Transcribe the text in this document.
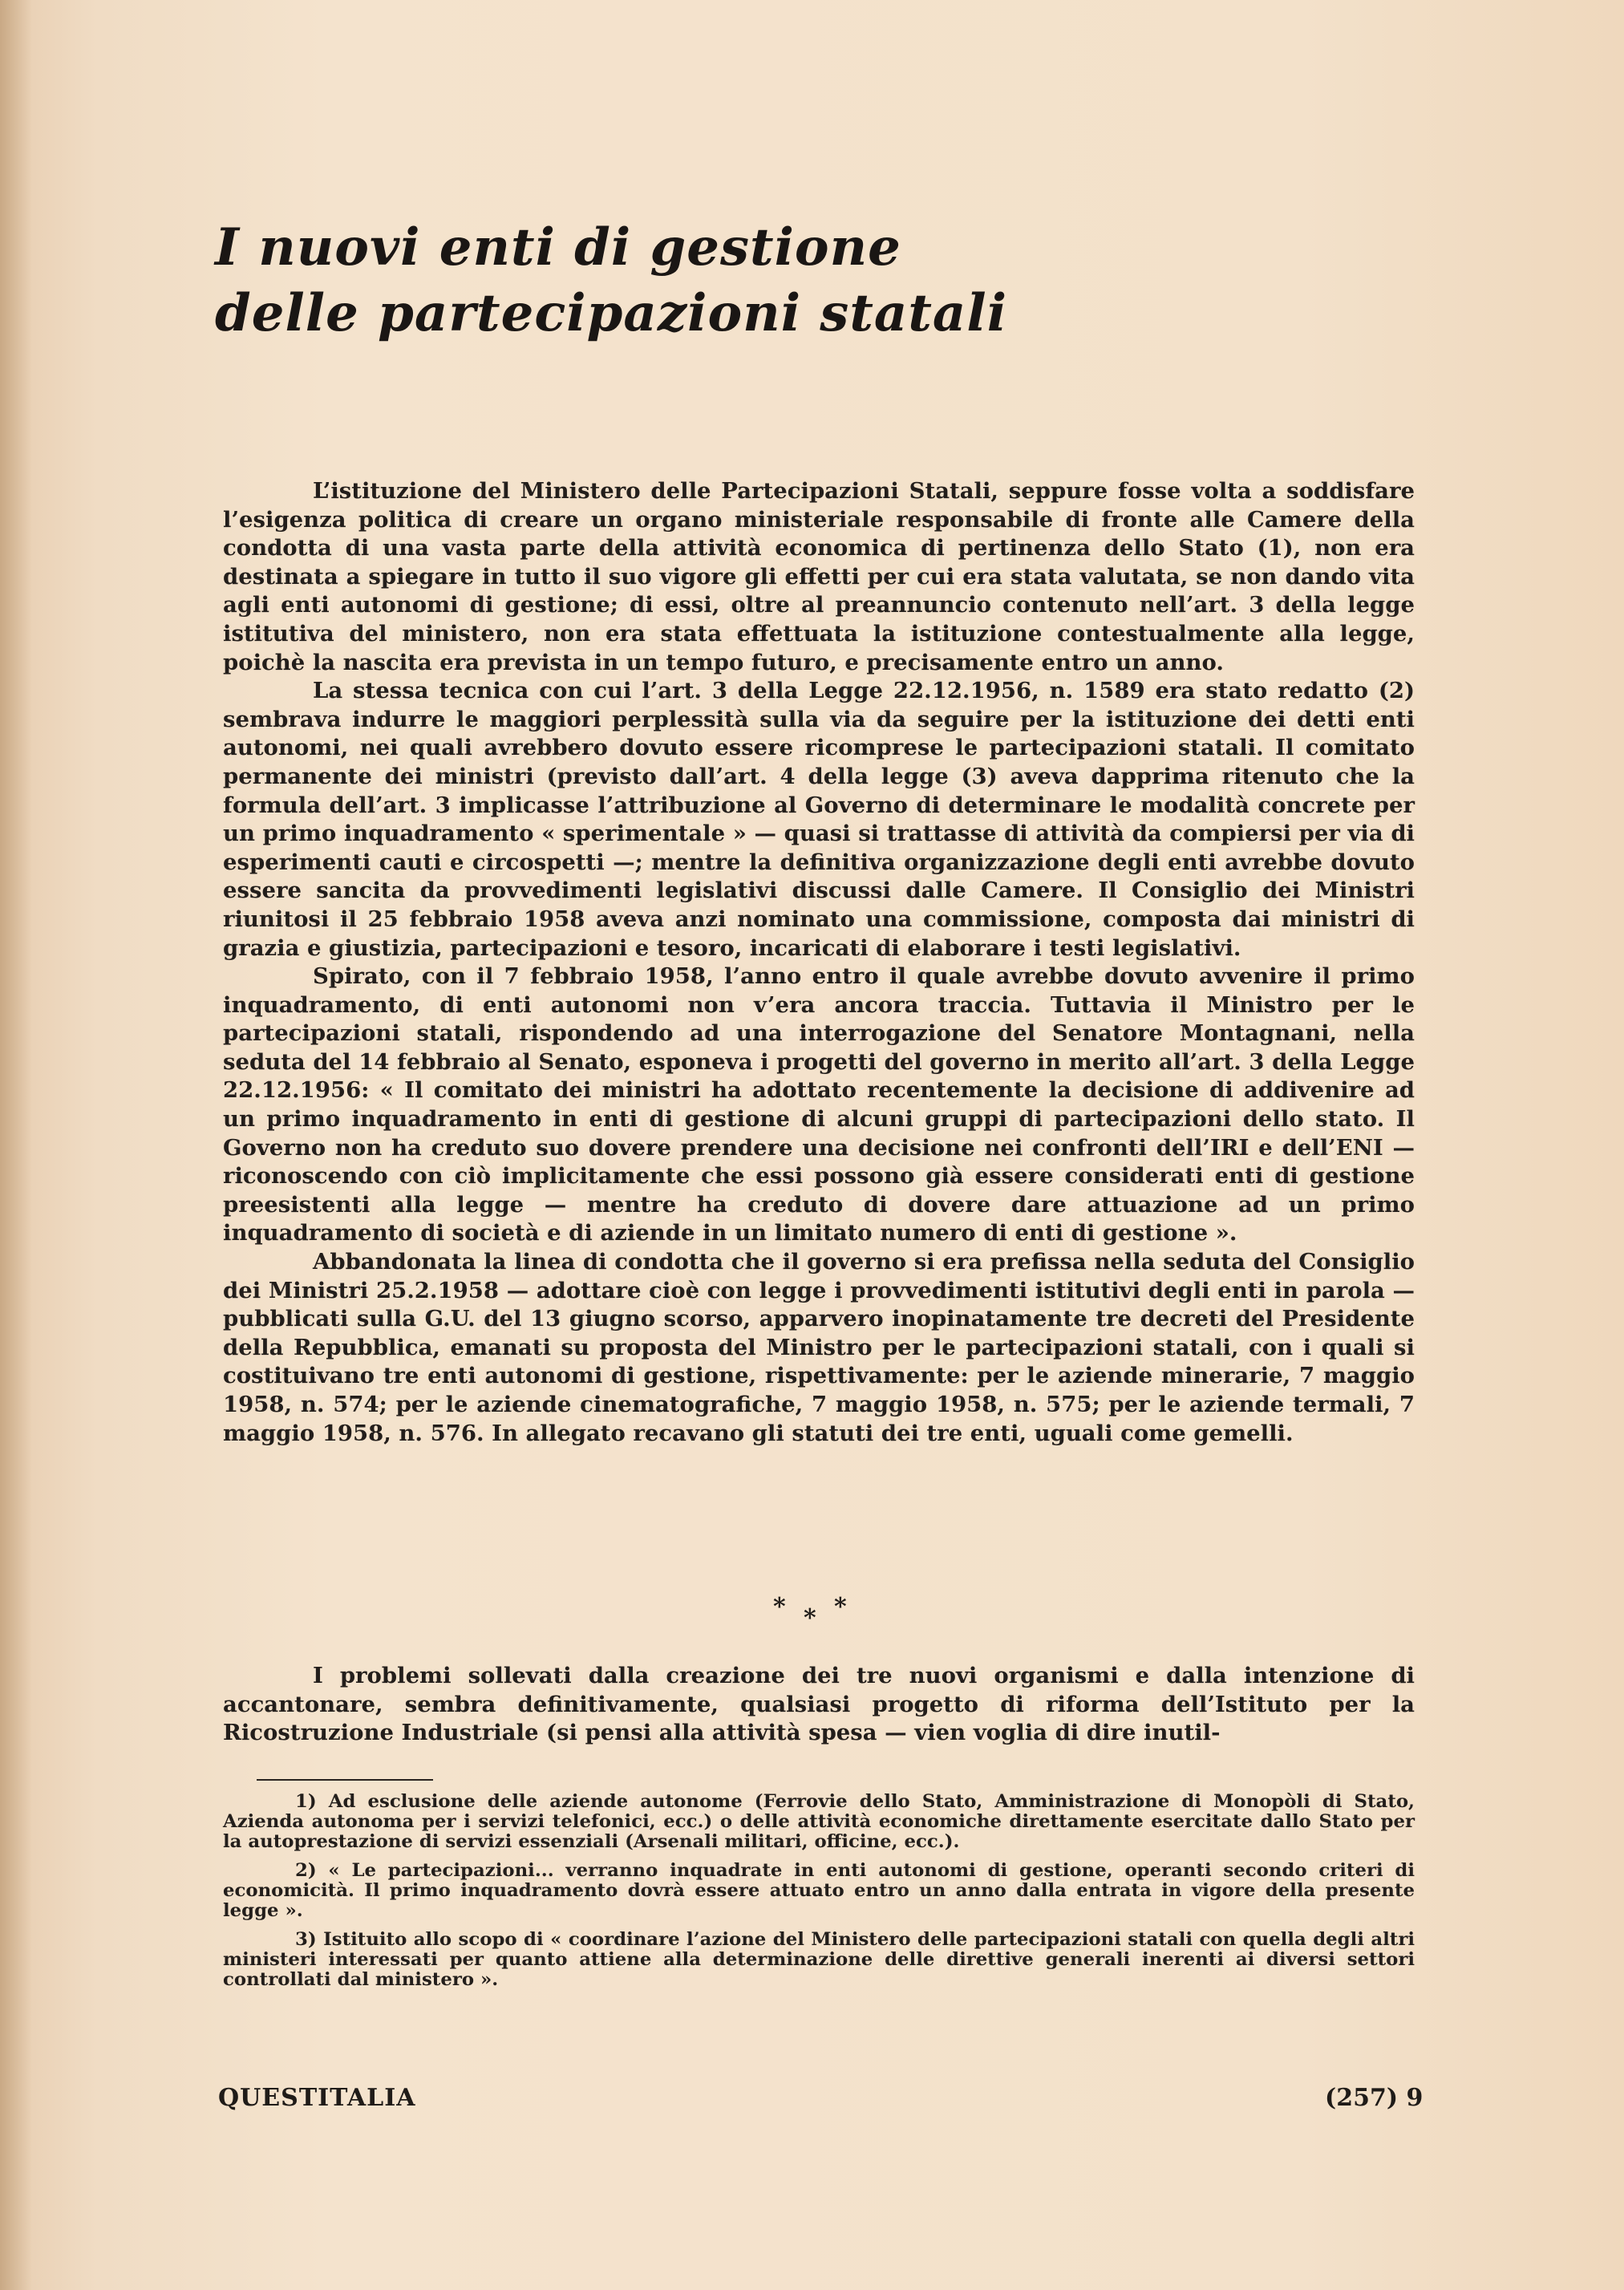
I nuovi enti di gestione
delle partecipazioni statali

L’istituzione del Ministero delle Partecipazioni Statali, seppure fosse volta a soddisfare l’esigenza politica di creare un organo ministeriale responsabile di fronte alle Camere della condotta di una vasta parte della attività economica di pertinenza dello Stato (1), non era destinata a spiegare in tutto il suo vigore gli effetti per cui era stata valutata, se non dando vita agli enti autonomi di gestione; di essi, oltre al preannuncio contenuto nell’art. 3 della legge istitutiva del ministero, non era stata effettuata la istituzione contestualmente alla legge, poichè la nascita era prevista in un tempo futuro, e precisamente entro un anno.

La stessa tecnica con cui l’art. 3 della Legge 22.12.1956, n. 1589 era stato redatto (2) sembrava indurre le maggiori perplessità sulla via da seguire per la istituzione dei detti enti autonomi, nei quali avrebbero dovuto essere ricomprese le partecipazioni statali. Il comitato permanente dei ministri (previsto dall’art. 4 della legge (3) aveva dapprima ritenuto che la formula dell’art. 3 implicasse l’attribuzione al Governo di determinare le modalità concrete per un primo inquadramento « sperimentale » — quasi si trattasse di attività da compiersi per via di esperimenti cauti e circospetti —; mentre la definitiva organizzazione degli enti avrebbe dovuto essere sancita da provvedimenti legislativi discussi dalle Camere. Il Consiglio dei Ministri riunitosi il 25 febbraio 1958 aveva anzi nominato una commissione, composta dai ministri di grazia e giustizia, partecipazioni e tesoro, incaricati di elaborare i testi legislativi.

Spirato, con il 7 febbraio 1958, l’anno entro il quale avrebbe dovuto avvenire il primo inquadramento, di enti autonomi non v’era ancora traccia. Tuttavia il Ministro per le partecipazioni statali, rispondendo ad una interrogazione del Senatore Montagnani, nella seduta del 14 febbraio al Senato, esponeva i progetti del governo in merito all’art. 3 della Legge 22.12.1956: « Il comitato dei ministri ha adottato recentemente la decisione di addivenire ad un primo inquadramento in enti di gestione di alcuni gruppi di partecipazioni dello stato. Il Governo non ha creduto suo dovere prendere una decisione nei confronti dell’IRI e dell’ENI — riconoscendo con ciò implicitamente che essi possono già essere considerati enti di gestione preesistenti alla legge — mentre ha creduto di dovere dare attuazione ad un primo inquadramento di società e di aziende in un limitato numero di enti di gestione ».

Abbandonata la linea di condotta che il governo si era prefissa nella seduta del Consiglio dei Ministri 25.2.1958 — adottare cioè con legge i provvedimenti istitutivi degli enti in parola — pubblicati sulla G.U. del 13 giugno scorso, apparvero inopinatamente tre decreti del Presidente della Repubblica, emanati su proposta del Ministro per le partecipazioni statali, con i quali si costituivano tre enti autonomi di gestione, rispettivamente: per le aziende minerarie, 7 maggio 1958, n. 574; per le aziende cinematografiche, 7 maggio 1958, n. 575; per le aziende termali, 7 maggio 1958, n. 576. In allegato recavano gli statuti dei tre enti, uguali come gemelli.

* * *

I problemi sollevati dalla creazione dei tre nuovi organismi e dalla intenzione di accantonare, sembra definitivamente, qualsiasi progetto di riforma dell’Istituto per la Ricostruzione Industriale (si pensi alla attività spesa — vien voglia di dire inutil-

1) Ad esclusione delle aziende autonome (Ferrovie dello Stato, Amministrazione di Monopòli di Stato, Azienda autonoma per i servizi telefonici, ecc.) o delle attività economiche direttamente esercitate dallo Stato per la autoprestazione di servizi essenziali (Arsenali militari, officine, ecc.).

2) « Le partecipazioni... verranno inquadrate in enti autonomi di gestione, operanti secondo criteri di economicità. Il primo inquadramento dovrà essere attuato entro un anno dalla entrata in vigore della presente legge ».

3) Istituito allo scopo di « coordinare l’azione del Ministero delle partecipazioni statali con quella degli altri ministeri interessati per quanto attiene alla determinazione delle direttive generali inerenti ai diversi settori controllati dal ministero ».

QUESTITALIA	(257) 9
